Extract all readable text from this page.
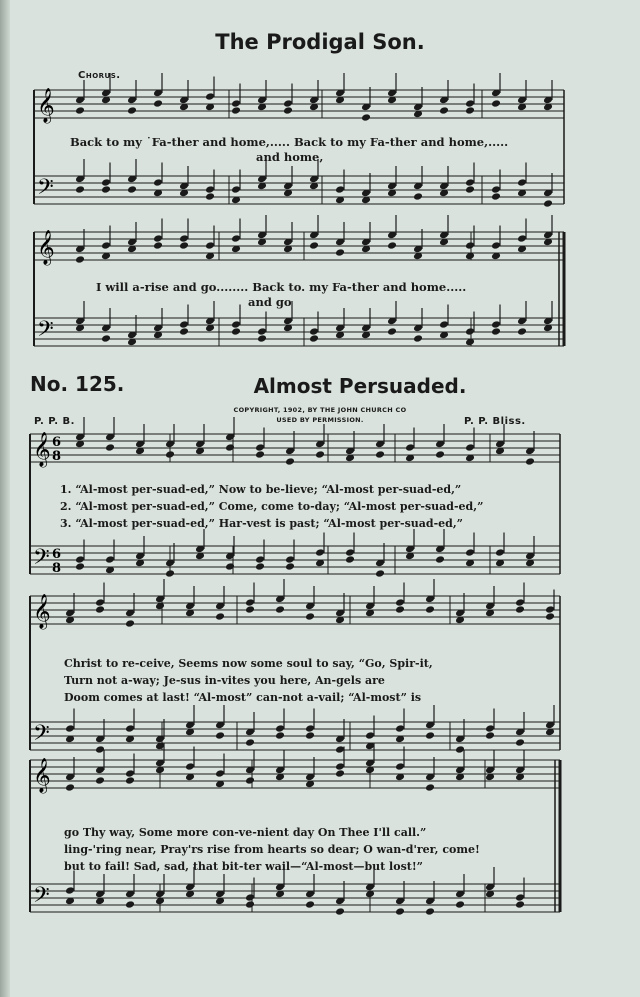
𝄞
𝄢
𝄞
𝄢
𝄞 6
8
𝄢 6
8
𝄞
𝄢
𝄞
𝄢
The Prodigal Son.
Chorus.
Back to my ˙Fa-ther and home,..... Back to my Fa-ther and home,.....
and home,
I will a-rise and go........ Back to. my Fa-ther and home.....
and go
No. 125.	Almost Persuaded.
P. P. B.	P. P. Bliss.
COPYRIGHT, 1902, BY THE JOHN CHURCH CO
USED BY PERMISSION.
1. “Al-most per-suad-ed,” Now to be-lieve; “Al-most per-suad-ed,”
2. “Al-most per-suad-ed,” Come, come to-day; “Al-most per-suad-ed,”
3. “Al-most per-suad-ed,” Har-vest is past; “Al-most per-suad-ed,”
Christ to re-ceive, Seems now some soul to say, “Go, Spir-it,
Turn not a-way; Je-sus in-vites you here, An-gels are
Doom comes at last! “Al-most” can-not a-vail; “Al-most” is
go Thy way, Some more con-ve-nient day On Thee I'll call.”
ling-'ring near, Pray'rs rise from hearts so dear; O wan-d'rer, come!
but to fail! Sad, sad, that bit-ter wail—“Al-most—but lost!”
